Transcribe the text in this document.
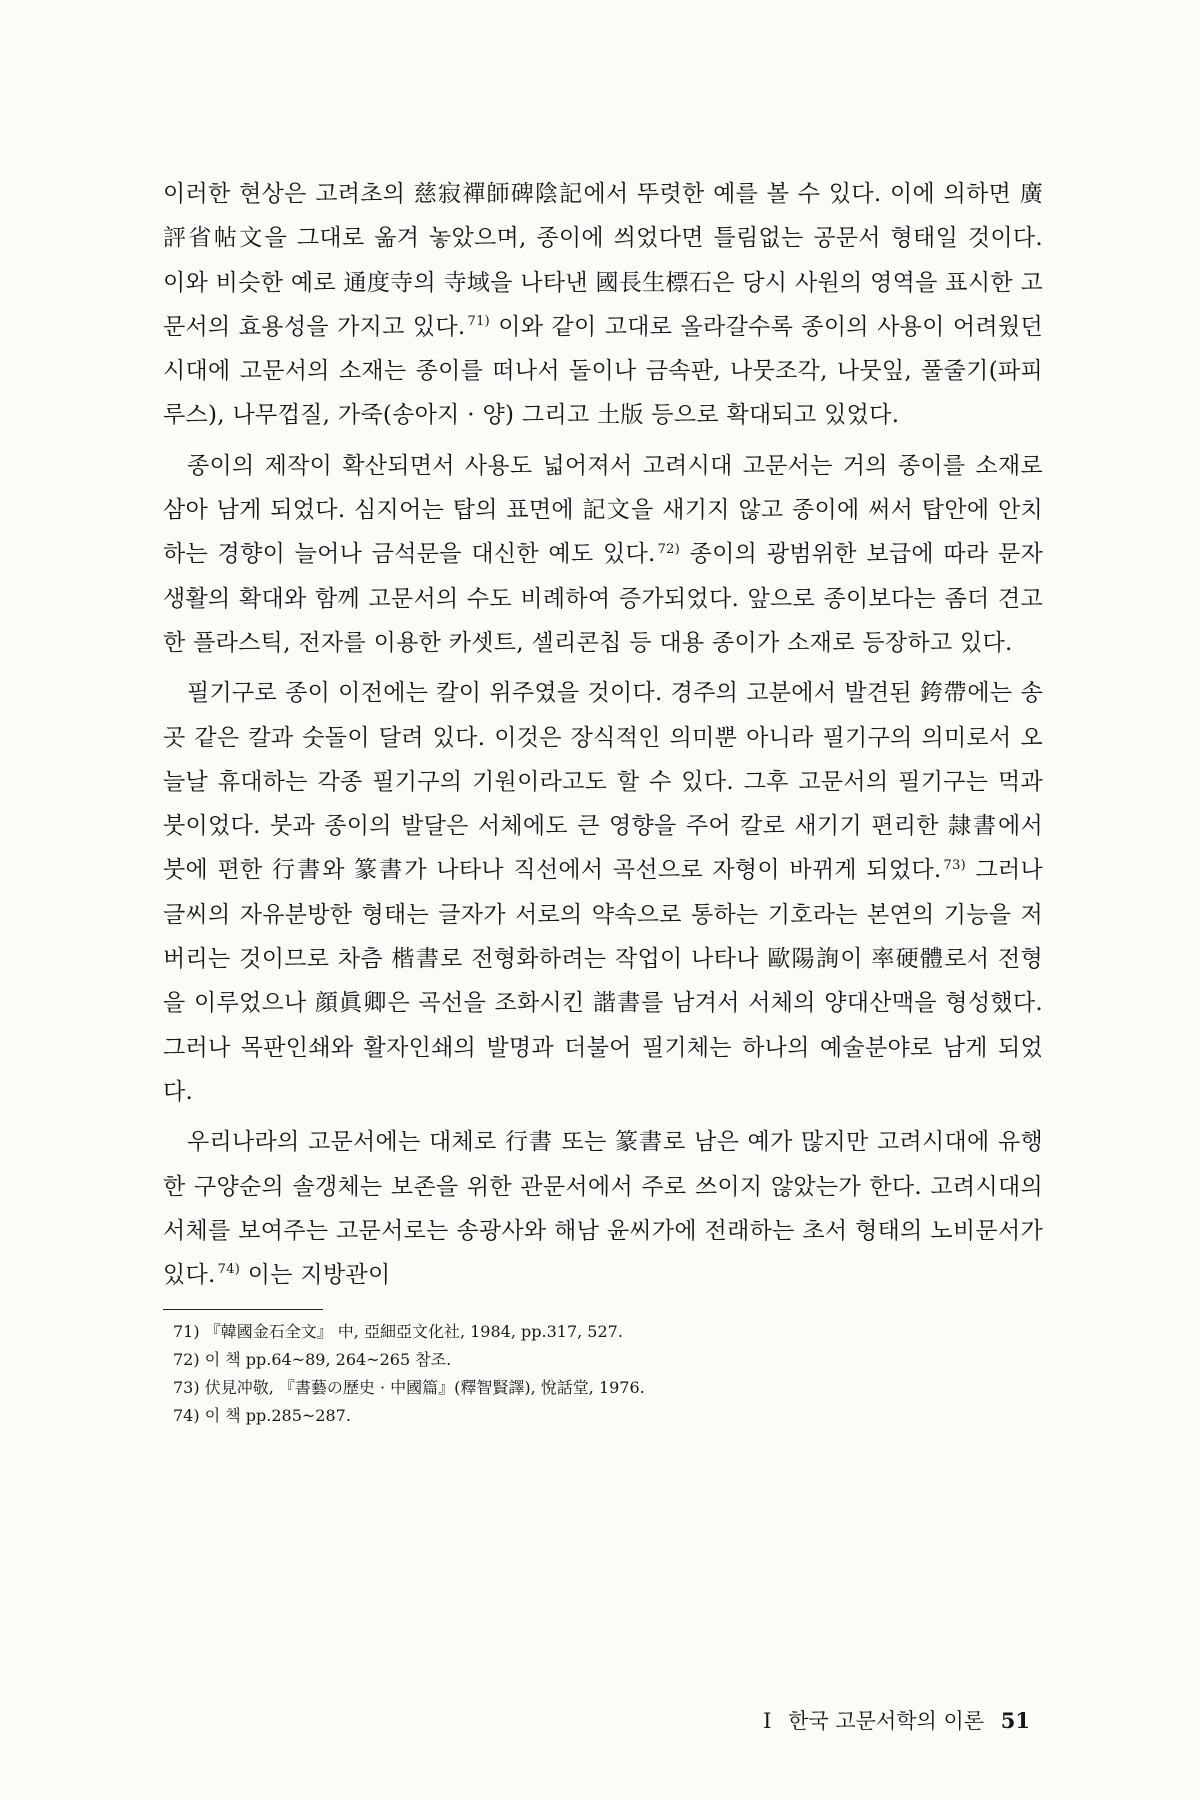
이러한 현상은 고려초의 慈寂禪師碑陰記에서 뚜렷한 예를 볼 수 있다. 이에 의하면 廣評省帖文을 그대로 옮겨 놓았으며, 종이에 씌었다면 틀림없는 공문서 형태일 것이다. 이와 비슷한 예로 通度寺의 寺域을 나타낸 國長生標石은 당시 사원의 영역을 표시한 고문서의 효용성을 가지고 있다. $^{71)}$ 이와 같이 고대로 올라갈수록 종이의 사용이 어려웠던 시대에 고문서의 소재는 종이를 떠나서 돌이나 금속판, 나뭇조각, 나뭇잎, 풀줄기(파피루스), 나무껍질, 가죽(송아지 · 양) 그리고 土版 등으로 확대되고 있었다.

종이의 제작이 확산되면서 사용도 넓어져서 고려시대 고문서는 거의 종이를 소재로 삼아 남게 되었다. 심지어는 탑의 표면에 記文을 새기지 않고 종이에 써서 탑안에 안치하는 경향이 늘어나 금석문을 대신한 예도 있다. $^{72)}$ 종이의 광범위한 보급에 따라 문자생활의 확대와 함께 고문서의 수도 비례하여 증가되었다. 앞으로 종이보다는 좀더 견고한 플라스틱, 전자를 이용한 카셋트, 셀리콘칩 등 대용 종이가 소재로 등장하고 있다.

필기구로 종이 이전에는 칼이 위주였을 것이다. 경주의 고분에서 발견된 銙帶에는 송곳 같은 칼과 숫돌이 달려 있다. 이것은 장식적인 의미뿐 아니라 필기구의 의미로서 오늘날 휴대하는 각종 필기구의 기원이라고도 할 수 있다. 그후 고문서의 필기구는 먹과 붓이었다. 붓과 종이의 발달은 서체에도 큰 영향을 주어 칼로 새기기 편리한 隷書에서 붓에 편한 行書와 篆書가 나타나 직선에서 곡선으로 자형이 바뀌게 되었다. $^{73)}$ 그러나 글씨의 자유분방한 형태는 글자가 서로의 약속으로 통하는 기호라는 본연의 기능을 저버리는 것이므로 차츰 楷書로 전형화하려는 작업이 나타나 歐陽詢이 率硬體로서 전형을 이루었으나 顔眞卿은 곡선을 조화시킨 諧書를 남겨서 서체의 양대산맥을 형성했다. 그러나 목판인쇄와 활자인쇄의 발명과 더불어 필기체는 하나의 예술분야로 남게 되었다.

우리나라의 고문서에는 대체로 行書 또는 篆書로 남은 예가 많지만 고려시대에 유행한 구양순의 솔갱체는 보존을 위한 관문서에서 주로 쓰이지 않았는가 한다. 고려시대의 서체를 보여주는 고문서로는 송광사와 해남 윤씨가에 전래하는 초서 형태의 노비문서가 있다. $^{74)}$ 이는 지방관이

71) 『韓國金石全文』 中, 亞細亞文化社, 1984, pp.317, 527.

72) 이 책 pp.64~89, 264~265 참조.

73) 伏見冲敬, 『書藝の歷史 · 中國篇』(釋智賢譯), 悅話堂, 1976.

74) 이 책 pp.285~287.

I 한국 고문서학의 이론 51
